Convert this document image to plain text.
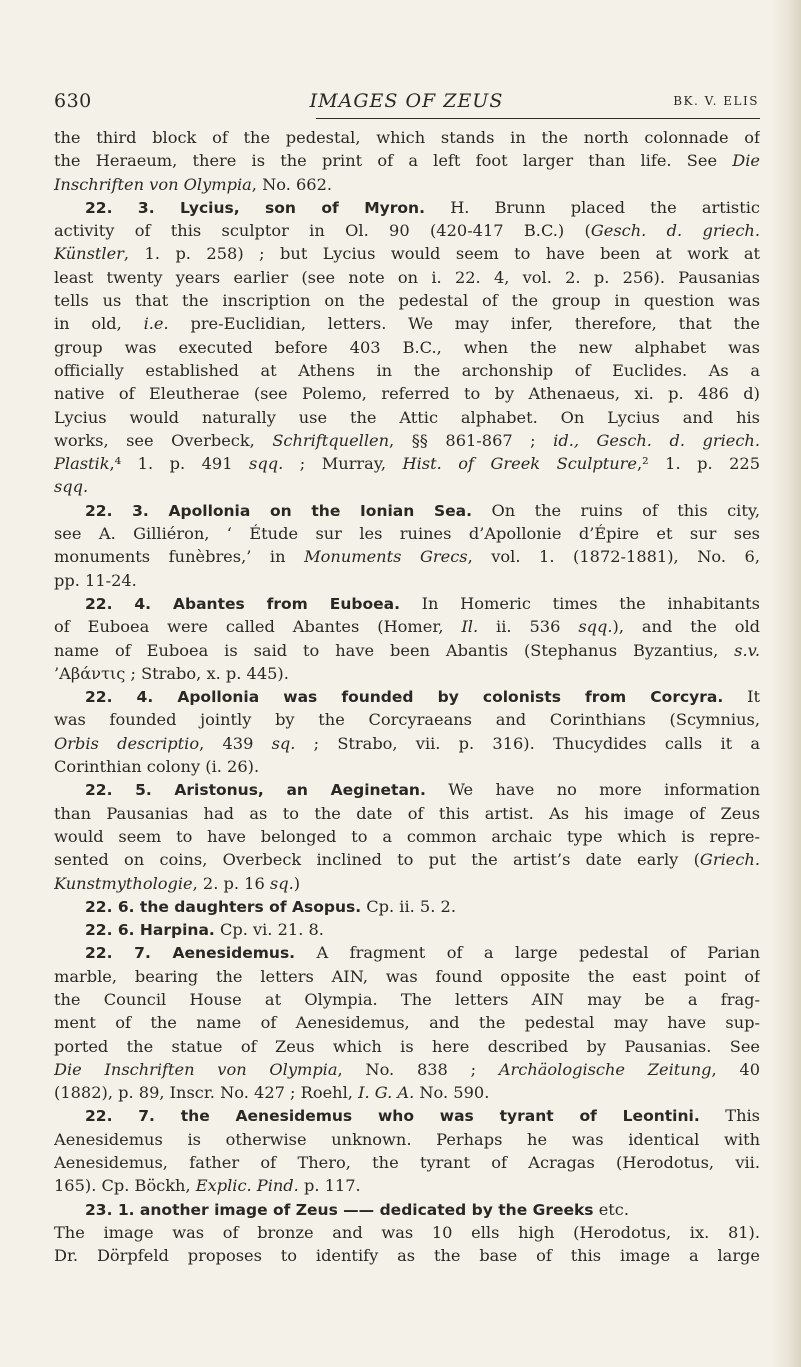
630	IMAGES OF ZEUS	BK. V. ELIS
the third block of the pedestal, which stands in the north colonnade of
the Heraeum, there is the print of a left foot larger than life. See Die
Inschriften von Olympia, No. 662.
22. 3. Lycius, son of Myron. H. Brunn placed the artistic
activity of this sculptor in Ol. 90 (420-417 B.C.) (Gesch. d. griech.
Künstler, 1. p. 258) ; but Lycius would seem to have been at work at
least twenty years earlier (see note on i. 22. 4, vol. 2. p. 256). Pausanias
tells us that the inscription on the pedestal of the group in question was
in old, i.e. pre-Euclidian, letters. We may infer, therefore, that the
group was executed before 403 B.C., when the new alphabet was
officially established at Athens in the archonship of Euclides. As a
native of Eleutherae (see Polemo, referred to by Athenaeus, xi. p. 486 d)
Lycius would naturally use the Attic alphabet. On Lycius and his
works, see Overbeck, Schriftquellen, §§ 861-867 ; id., Gesch. d. griech.
Plastik,⁴ 1. p. 491 sqq. ; Murray, Hist. of Greek Sculpture,² 1. p. 225
sqq.
22. 3. Apollonia on the Ionian Sea. On the ruins of this city,
see A. Gilliéron, ‘ Étude sur les ruines d’Apollonie d’Épire et sur ses
monuments funèbres,’ in Monuments Grecs, vol. 1. (1872-1881), No. 6,
pp. 11-24.
22. 4. Abantes from Euboea. In Homeric times the inhabitants
of Euboea were called Abantes (Homer, Il. ii. 536 sqq.), and the old
name of Euboea is said to have been Abantis (Stephanus Byzantius, s.v.
’Αβάντις ; Strabo, x. p. 445).
22. 4. Apollonia was founded by colonists from Corcyra. It
was founded jointly by the Corcyraeans and Corinthians (Scymnius,
Orbis descriptio, 439 sq. ; Strabo, vii. p. 316). Thucydides calls it a
Corinthian colony (i. 26).
22. 5. Aristonus, an Aeginetan. We have no more information
than Pausanias had as to the date of this artist. As his image of Zeus
would seem to have belonged to a common archaic type which is repre-
sented on coins, Overbeck inclined to put the artist’s date early (Griech.
Kunstmythologie, 2. p. 16 sq.)
22. 6. the daughters of Asopus. Cp. ii. 5. 2.
22. 6. Harpina. Cp. vi. 21. 8.
22. 7. Aenesidemus. A fragment of a large pedestal of Parian
marble, bearing the letters AIN, was found opposite the east point of
the Council House at Olympia. The letters AIN may be a frag-
ment of the name of Aenesidemus, and the pedestal may have sup-
ported the statue of Zeus which is here described by Pausanias. See
Die Inschriften von Olympia, No. 838 ; Archäologische Zeitung, 40
(1882), p. 89, Inscr. No. 427 ; Roehl, I. G. A. No. 590.
22. 7. the Aenesidemus who was tyrant of Leontini. This
Aenesidemus is otherwise unknown. Perhaps he was identical with
Aenesidemus, father of Thero, the tyrant of Acragas (Herodotus, vii.
165). Cp. Böckh, Explic. Pind. p. 117.
23. 1. another image of Zeus —— dedicated by the Greeks etc.
The image was of bronze and was 10 ells high (Herodotus, ix. 81).
Dr. Dörpfeld proposes to identify as the base of this image a large
